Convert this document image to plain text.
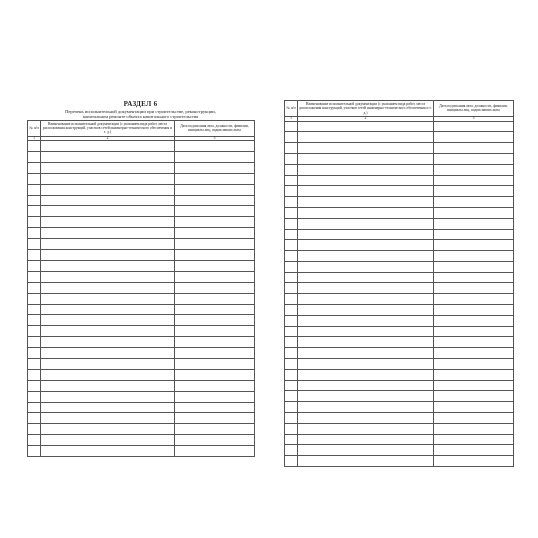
РАЗДЕЛ 6
Перечень исполнительной документации при строительстве, реконструкции,
капитальном ремонте объекта капитального строительства
№ п/п	Наименование исполнительной документации (с указанием вида работ, места расположения конструкций, участков сетей инженерно-технического обеспечения и т. д.)	Дата подписания акта, должности, фамилии, инициалы лиц, подписавших акты
1	2	3

№ п/п	Наименование исполнительной документации (с указанием вида работ, места расположения конструкций, участков сетей инженерно-технического обеспечения и т. д.)	Дата подписания акта, должности, фамилии, инициалы лиц, подписавших акты
1	2	3
